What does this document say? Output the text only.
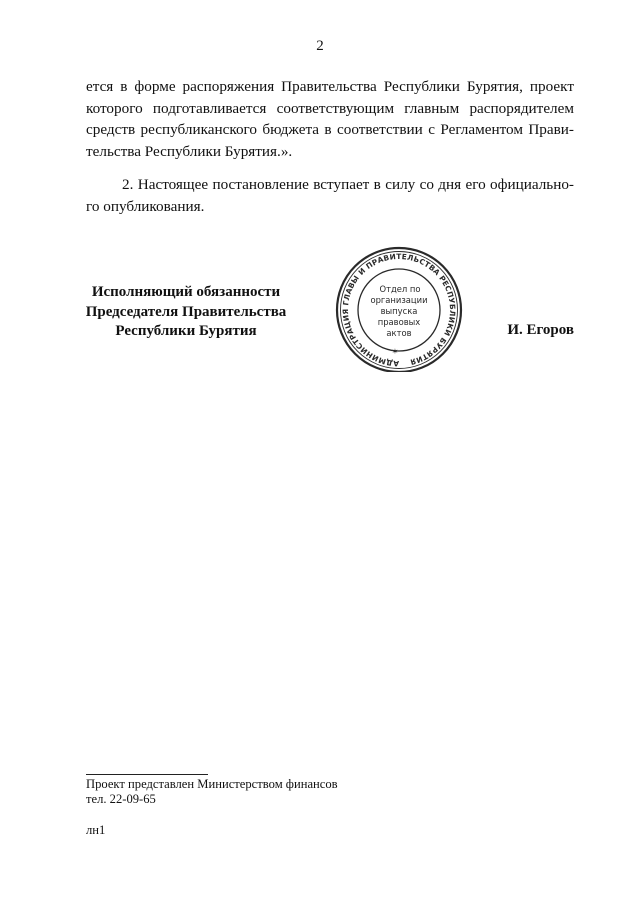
2
ется в форме распоряжения Правительства Республики Бурятия, проект
которого подготавливается соответствующим главным распорядителем
средств республиканского бюджета в соответствии с Регламентом Прави-
тельства Республики Бурятия.».
2. Настоящее постановление вступает в силу со дня его официально-
го опубликования.
Исполняющий обязанности
Председателя Правительства
Республики Бурятия
АДМИНИСТРАЦИЯ ГЛАВЫ И ПРАВИТЕЛЬСТВА РЕСПУБЛИКИ БУРЯТИЯ
✶
Отдел по
организации
выпуска
правовых
актов	И. Егоров
Проект представлен Министерством финансов
тел. 22-09-65
лн1
